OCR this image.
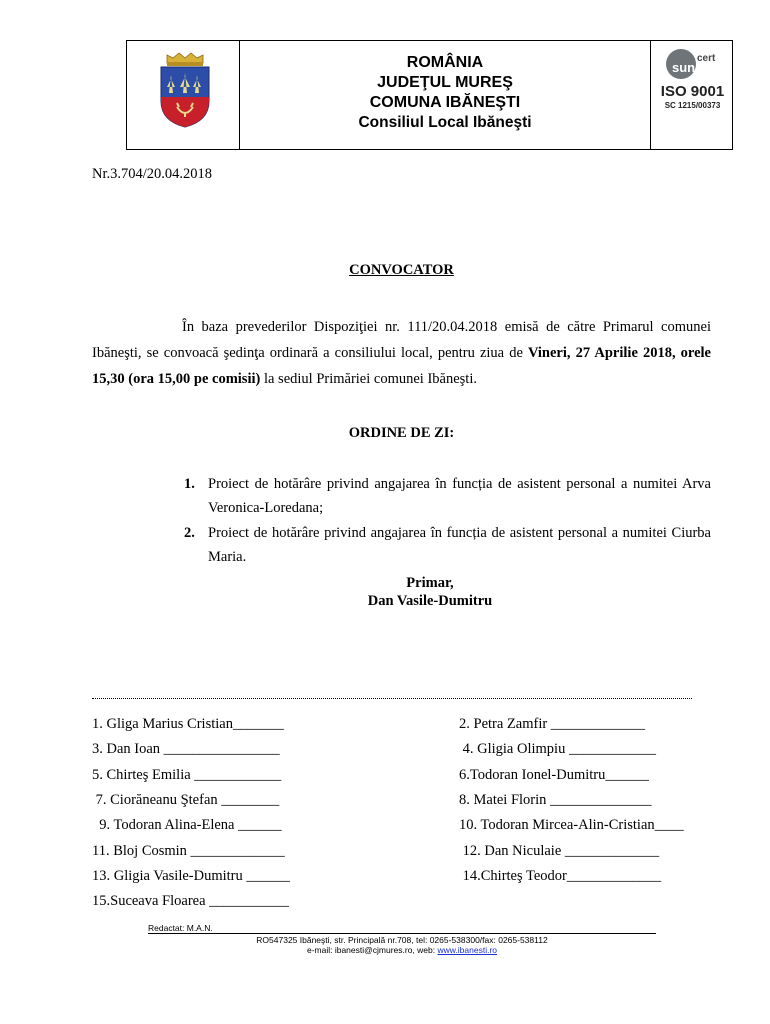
ROMÂNIA
JUDEŢUL MUREŞ
COMUNA IBĂNEŞTI
Consiliul Local Ibăneşti
sun
cert
ISO 9001
SC 1215/00373
Nr.3.704/20.04.2018
CONVOCATOR
În baza prevederilor Dispoziţiei nr. 111/20.04.2018 emisă de către Primarul comunei Ibăneşti, se convoacă şedinţa ordinară a consiliului local, pentru ziua de Vineri, 27 Aprilie 2018, orele 15,30 (ora 15,00 pe comisii) la sediul Primăriei comunei Ibăneşti.
ORDINE DE ZI:
1. Proiect de hotărâre privind angajarea în funcția de asistent personal a numitei Arva Veronica-Loredana;
2. Proiect de hotărâre privind angajarea în funcția de asistent personal a numitei Ciurba Maria.
Primar,
Dan Vasile-Dumitru
1. Gliga Marius Cristian_______
3. Dan Ioan ________________
5. Chirteş Emilia ____________
7. Ciorăneanu Ştefan ________
9. Todoran Alina-Elena ______
11. Bloj Cosmin _____________
13. Gligia Vasile-Dumitru ______
15.Suceava Floarea ___________
2. Petra Zamfir _____________
4. Gligia Olimpiu ____________
6.Todoran Ionel-Dumitru______
8. Matei Florin ______________
10. Todoran Mircea-Alin-Cristian____
12. Dan Niculaie _____________
14.Chirteş Teodor_____________
Redactat: M.A.N.
RO547325 Ibăneşti, str. Principală nr.708, tel: 0265-538300/fax: 0265-538112
e-mail: ibanesti@cjmures.ro, web: www.ibanesti.ro
